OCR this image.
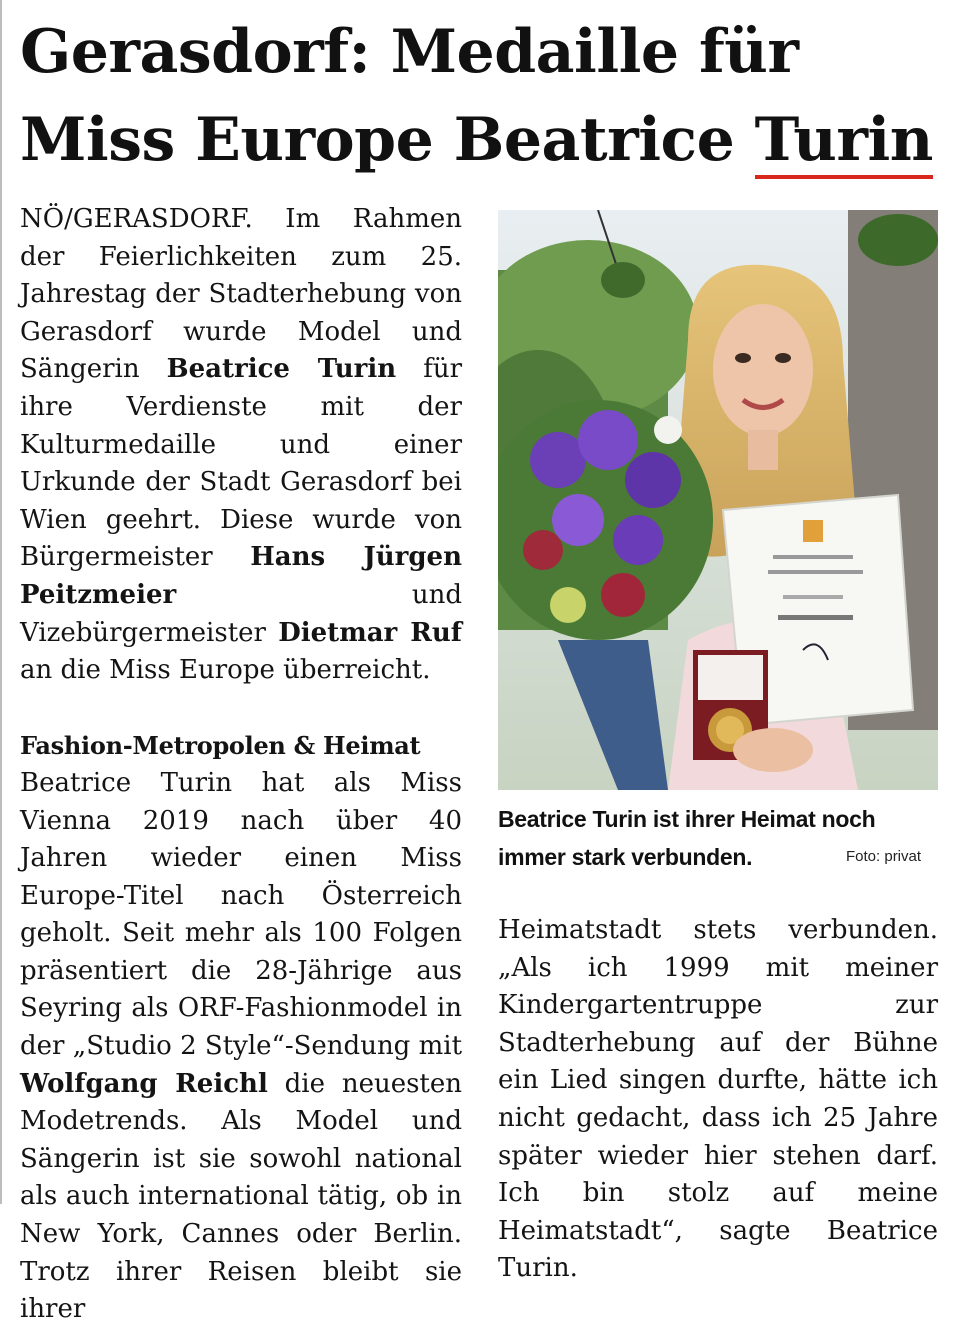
Gerasdorf: Medaille für Miss Europe Beatrice Turin

NÖ/GERASDORF. Im Rahmen der Feierlichkeiten zum 25. Jahrestag der Stadterhebung von Gerasdorf wurde Model und Sängerin Beatrice Turin für ihre Verdienste mit der Kulturmedaille und einer Urkunde der Stadt Gerasdorf bei Wien geehrt. Diese wurde von Bürgermeister Hans Jürgen Peitzmeier und Vizebürgermeister Dietmar Ruf an die Miss Europe überreicht.

Fashion-Metropolen & Heimat

Beatrice Turin hat als Miss Vienna 2019 nach über 40 Jahren wieder einen Miss Europe-Titel nach Österreich geholt. Seit mehr als 100 Folgen präsentiert die 28-Jährige aus Seyring als ORF-Fashionmodel in der „Studio 2 Style“-Sendung mit Wolfgang Reichl die neuesten Modetrends. Als Model und Sängerin ist sie sowohl national als auch international tätig, ob in New York, Cannes oder Berlin. Trotz ihrer Reisen bleibt sie ihrer

Beatrice Turin ist ihrer Heimat noch immer stark verbunden.	Foto: privat

Heimatstadt stets verbunden. „Als ich 1999 mit meiner Kindergartentruppe zur Stadterhebung auf der Bühne ein Lied singen durfte, hätte ich nicht gedacht, dass ich 25 Jahre später wieder hier stehen darf. Ich bin stolz auf meine Heimatstadt“, sagte Beatrice Turin.
